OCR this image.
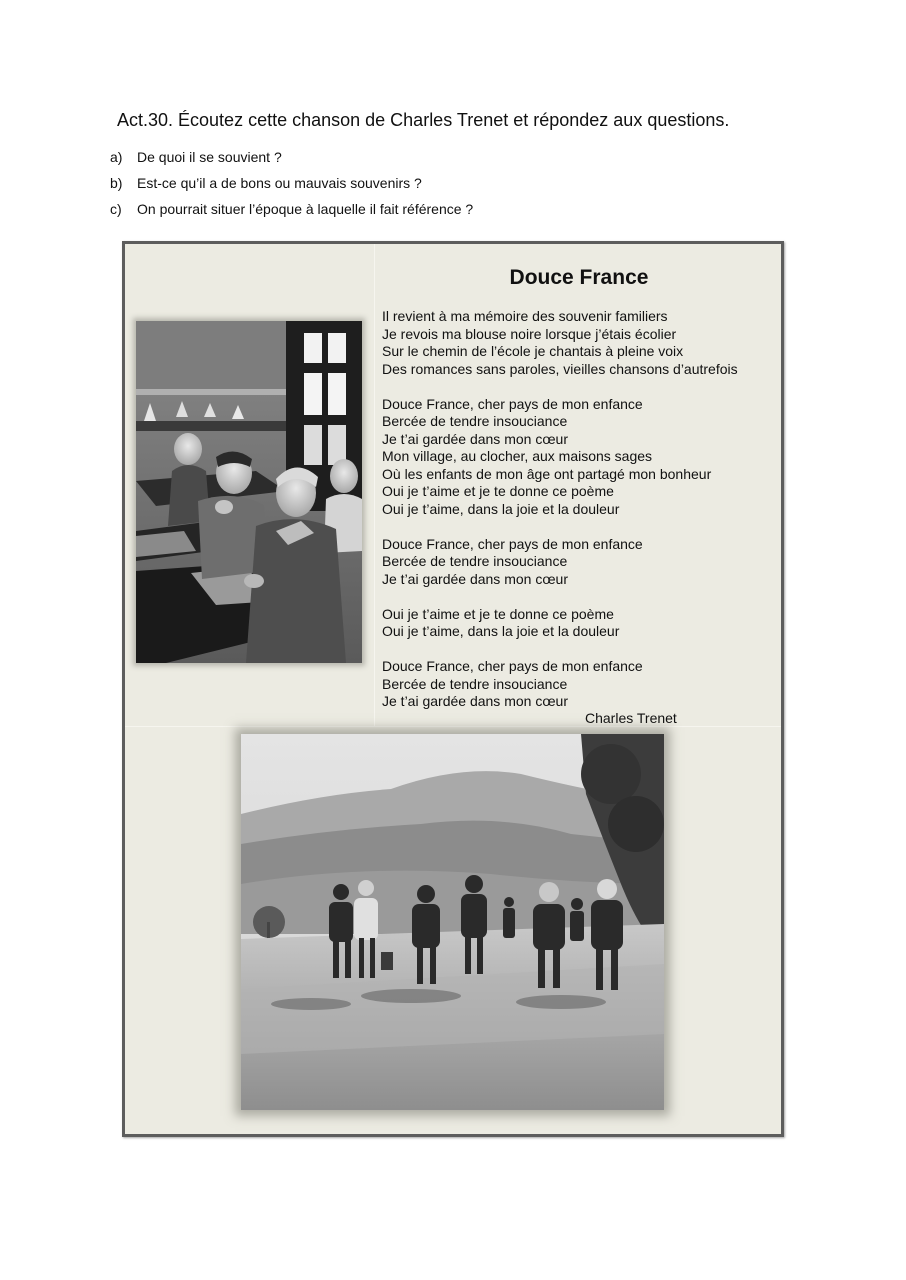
Act.30. Écoutez cette chanson de Charles Trenet et répondez aux questions.
a)	De quoi il se souvient ?
b)	Est-ce qu’il a de bons ou mauvais souvenirs ?
c)	On pourrait situer l’époque à laquelle il fait référence ?
Douce France
Il revient à ma mémoire des souvenir familiers
Je revois ma blouse noire lorsque j’étais écolier
Sur le chemin de l’école je chantais à pleine voix
Des romances sans paroles, vieilles chansons d’autrefois
Douce France, cher pays de mon enfance
Bercée de tendre insouciance
Je t’ai gardée dans mon cœur
Mon village, au clocher, aux maisons sages
Où les enfants de mon âge ont partagé mon bonheur
Oui je t’aime et je te donne ce poème
Oui je t’aime, dans la joie et la douleur
Douce France, cher pays de mon enfance
Bercée de tendre insouciance
Je t’ai gardée dans mon cœur
Oui je t’aime et je te donne ce poème
Oui je t’aime, dans la joie et la douleur
Douce France, cher pays de mon enfance
Bercée de tendre insouciance
Je t’ai gardée dans mon cœur
Charles Trenet
